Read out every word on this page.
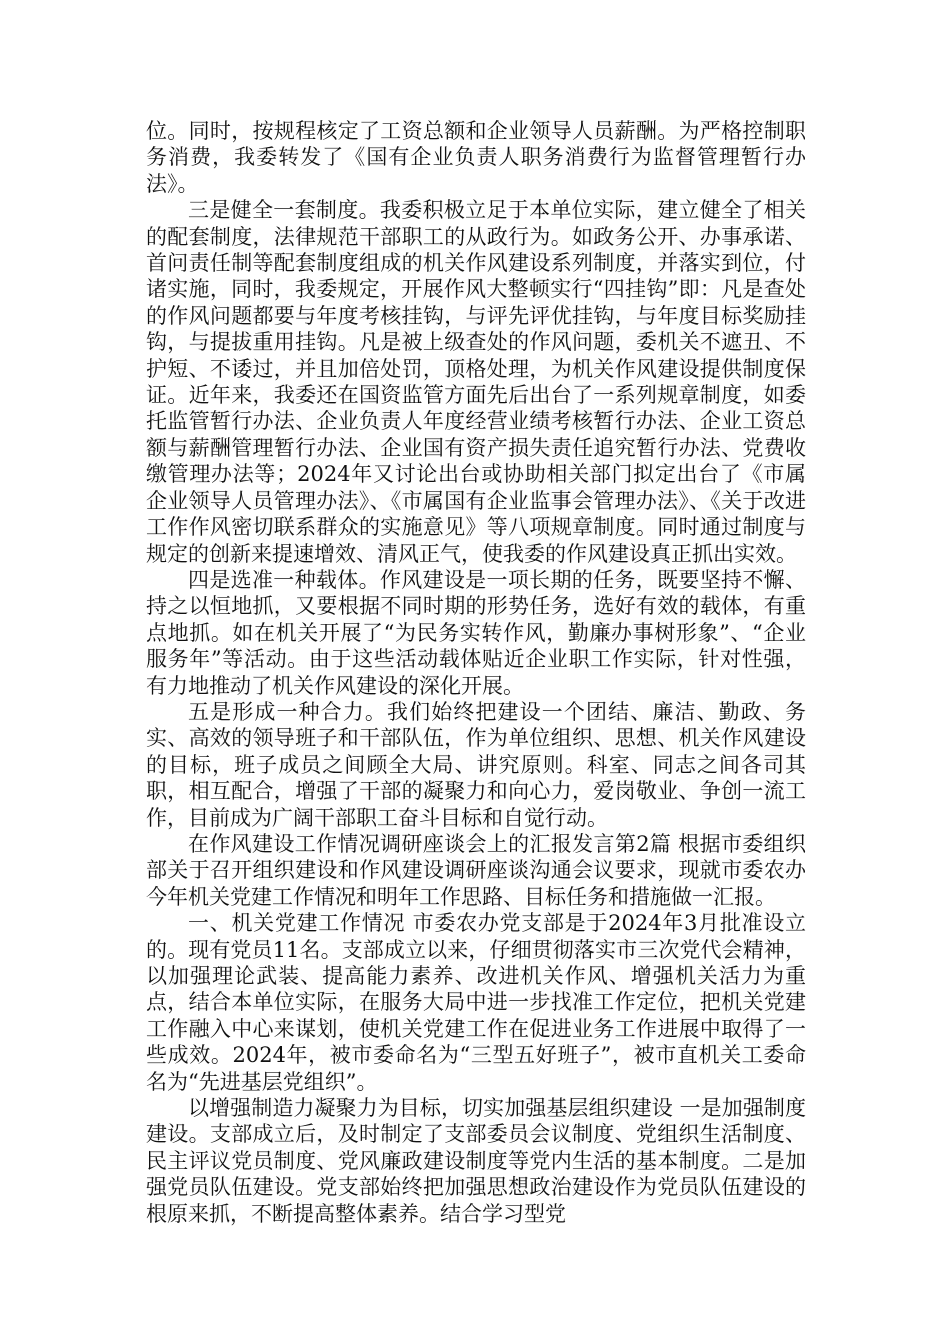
位。同时，按规程核定了工资总额和企业领导人员薪酬。为严格控制职务消费，我委转发了《国有企业负责人职务消费行为监督管理暂行办法》。

三是健全一套制度。我委积极立足于本单位实际，建立健全了相关的配套制度，法律规范干部职工的从政行为。如政务公开、办事承诺、首问责任制等配套制度组成的机关作风建设系列制度，并落实到位，付诸实施，同时，我委规定，开展作风大整顿实行“四挂钩”即：凡是查处的作风问题都要与年度考核挂钩，与评先评优挂钩，与年度目标奖励挂钩，与提拔重用挂钩。凡是被上级查处的作风问题，委机关不遮丑、不护短、不诿过，并且加倍处罚，顶格处理，为机关作风建设提供制度保证。近年来，我委还在国资监管方面先后出台了一系列规章制度，如委托监管暂行办法、企业负责人年度经营业绩考核暂行办法、企业工资总额与薪酬管理暂行办法、企业国有资产损失责任追究暂行办法、党费收缴管理办法等；2024年又讨论出台或协助相关部门拟定出台了《市属企业领导人员管理办法》、《市属国有企业监事会管理办法》、《关于改进工作作风密切联系群众的实施意见》等八项规章制度。同时通过制度与规定的创新来提速增效、清风正气，使我委的作风建设真正抓出实效。

四是选准一种载体。作风建设是一项长期的任务，既要坚持不懈、持之以恒地抓，又要根据不同时期的形势任务，选好有效的载体，有重点地抓。如在机关开展了“为民务实转作风，勤廉办事树形象”、“企业服务年”等活动。由于这些活动载体贴近企业职工作实际，针对性强，有力地推动了机关作风建设的深化开展。

五是形成一种合力。我们始终把建设一个团结、廉洁、勤政、务实、高效的领导班子和干部队伍，作为单位组织、思想、机关作风建设的目标，班子成员之间顾全大局、讲究原则。科室、同志之间各司其职，相互配合，增强了干部的凝聚力和向心力，爱岗敬业、争创一流工作，目前成为广阔干部职工奋斗目标和自觉行动。

在作风建设工作情况调研座谈会上的汇报发言第2篇 根据市委组织部关于召开组织建设和作风建设调研座谈沟通会议要求，现就市委农办今年机关党建工作情况和明年工作思路、目标任务和措施做一汇报。

一、机关党建工作情况 市委农办党支部是于2024年3月批准设立的。现有党员11名。支部成立以来，仔细贯彻落实市三次党代会精神，以加强理论武装、提高能力素养、改进机关作风、增强机关活力为重点，结合本单位实际，在服务大局中进一步找准工作定位，把机关党建工作融入中心来谋划，使机关党建工作在促进业务工作进展中取得了一些成效。2024年，被市委命名为“三型五好班子”，被市直机关工委命名为“先进基层党组织”。

以增强制造力凝聚力为目标，切实加强基层组织建设 一是加强制度建设。支部成立后，及时制定了支部委员会议制度、党组织生活制度、民主评议党员制度、党风廉政建设制度等党内生活的基本制度。二是加强党员队伍建设。党支部始终把加强思想政治建设作为党员队伍建设的根原来抓，不断提高整体素养。结合学习型党
